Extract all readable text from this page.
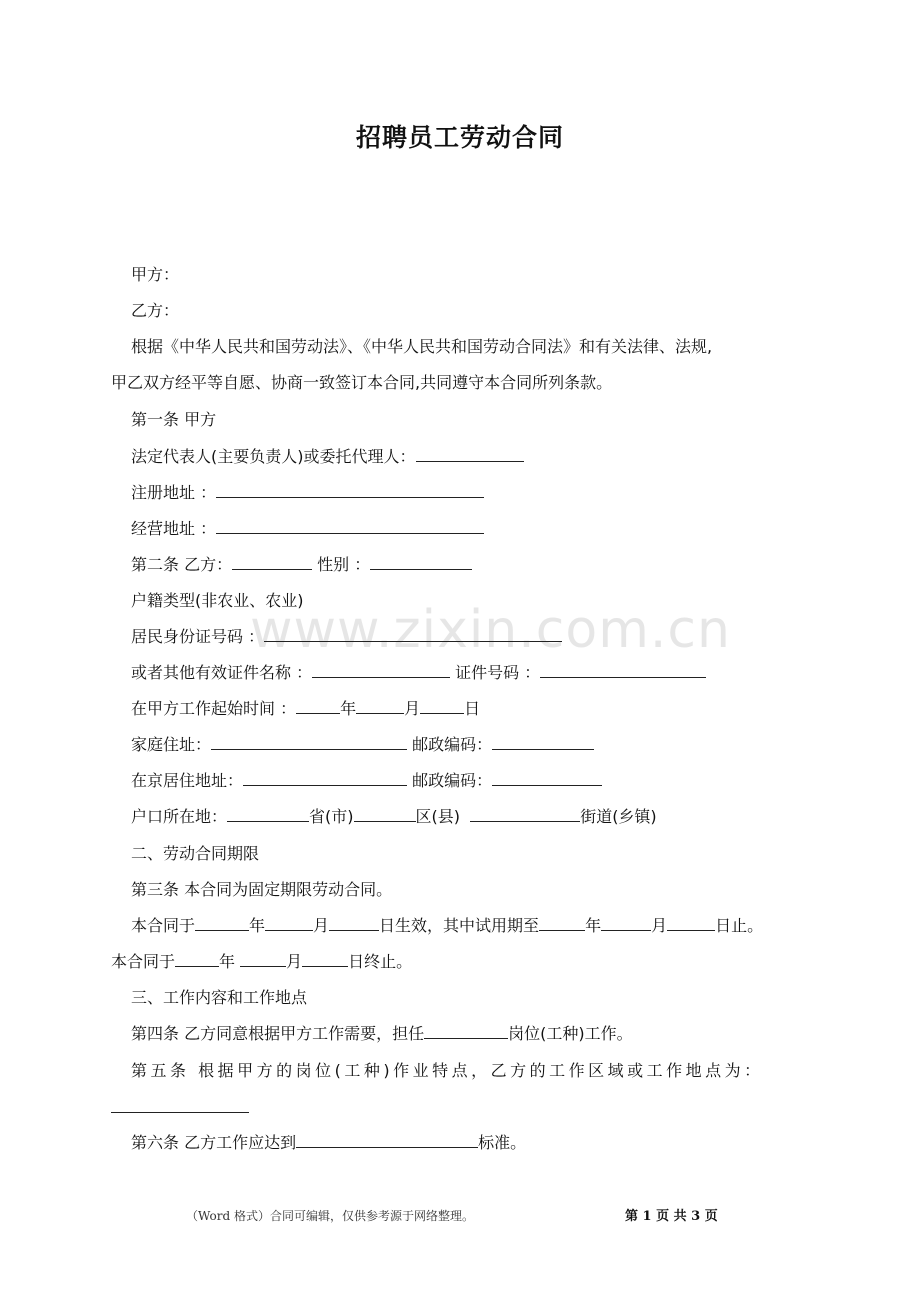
招聘员工劳动合同
www.zixin.com.cn
甲方：
乙方：
根据《中华人民共和国劳动法》、《中华人民共和国劳动合同法》和有关法律、法规,
甲乙双方经平等自愿、协商一致签订本合同,共同遵守本合同所列条款。
第一条 甲方
法定代表人(主要负责人)或委托代理人：
注册地址 ：
经营地址 ：
第二条 乙方：	性别 ：
户籍类型(非农业、农业)
居民身份证号码 ：
或者其他有效证件名称 ：	证件号码 ：
在甲方工作起始时间 ：	年	月	日
家庭住址：	邮政编码：
在京居住地址：	邮政编码：
户口所在地：	省(市)	区(县)	街道(乡镇)
二、劳动合同期限
第三条 本合同为固定期限劳动合同。
本合同于	年	月	日生效，其中试用期至	年	月	日止。
本合同于	年	月	日终止。
三、工作内容和工作地点
第四条 乙方同意根据甲方工作需要，担任	岗位(工种)工作。
第五条 根据甲方的岗位(工种)作业特点，乙方的工作区域或工作地点为：
第六条 乙方工作应达到	标准。
（Word 格式）合同可编辑，仅供参考源于网络整理。	第 1 页 共 3 页
